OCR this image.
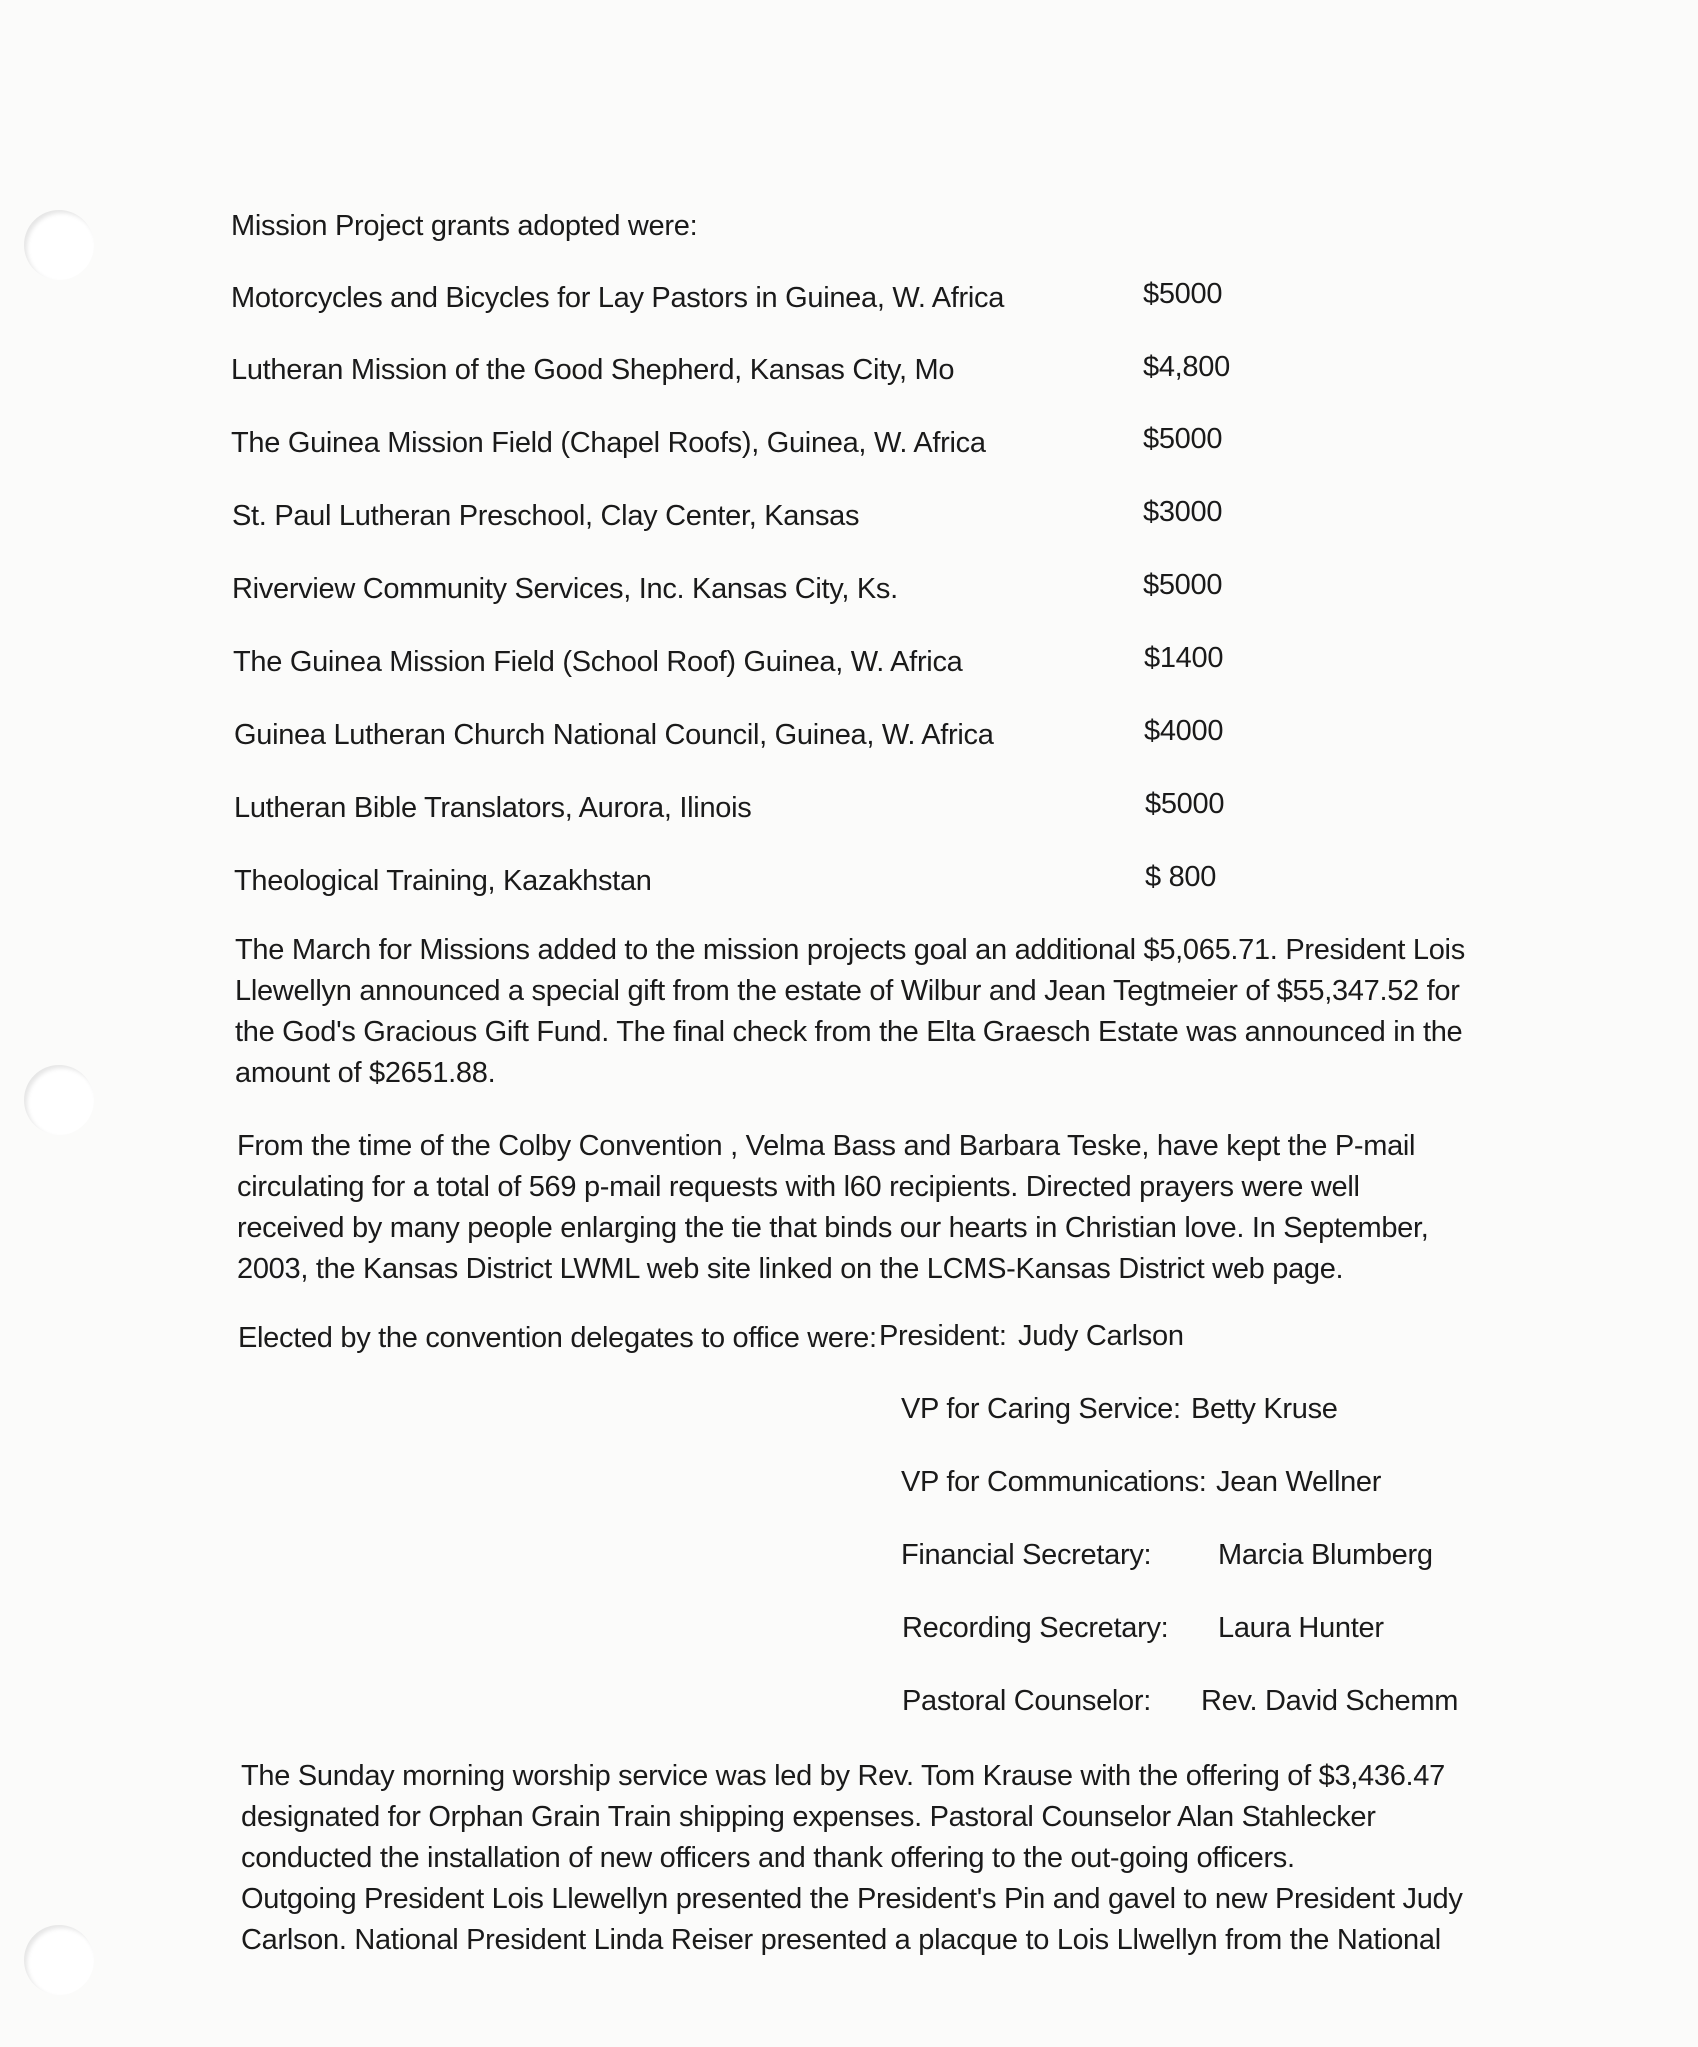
Mission Project grants adopted were:
Motorcycles and Bicycles for Lay Pastors in Guinea, W. Africa	$5000
Lutheran Mission of the Good Shepherd, Kansas City, Mo	$4,800
The Guinea Mission Field (Chapel Roofs), Guinea, W. Africa	$5000
St. Paul Lutheran Preschool, Clay Center, Kansas	$3000
Riverview Community Services, Inc. Kansas City, Ks.	$5000
The Guinea Mission Field (School Roof) Guinea, W. Africa	$1400
Guinea Lutheran Church National Council, Guinea, W. Africa	$4000
Lutheran Bible Translators, Aurora, Ilinois	$5000
Theological Training, Kazakhstan	$ 800
The March for Missions added to the mission projects goal an additional $5,065.71. President Lois
Llewellyn announced a special gift from the estate of Wilbur and Jean Tegtmeier of $55,347.52 for
the God's Gracious Gift Fund. The final check from the Elta Graesch Estate was announced in the
amount of $2651.88.
From the time of the Colby Convention , Velma Bass and Barbara Teske, have kept the P-mail
circulating for a total of 569 p-mail requests with l60 recipients. Directed prayers were well
received by many people enlarging the tie that binds our hearts in Christian love. In September,
2003, the Kansas District LWML web site linked on the LCMS-Kansas District web page.
Elected by the convention delegates to office were: President: Judy Carlson
VP for Caring Service: Betty Kruse
VP for Communications: Jean Wellner
Financial Secretary: Marcia Blumberg
Recording Secretary: Laura Hunter
Pastoral Counselor: Rev. David Schemm
The Sunday morning worship service was led by Rev. Tom Krause with the offering of $3,436.47
designated for Orphan Grain Train shipping expenses. Pastoral Counselor Alan Stahlecker
conducted the installation of new officers and thank offering to the out-going officers.
Outgoing President Lois Llewellyn presented the President's Pin and gavel to new President Judy
Carlson. National President Linda Reiser presented a placque to Lois Llwellyn from the National
